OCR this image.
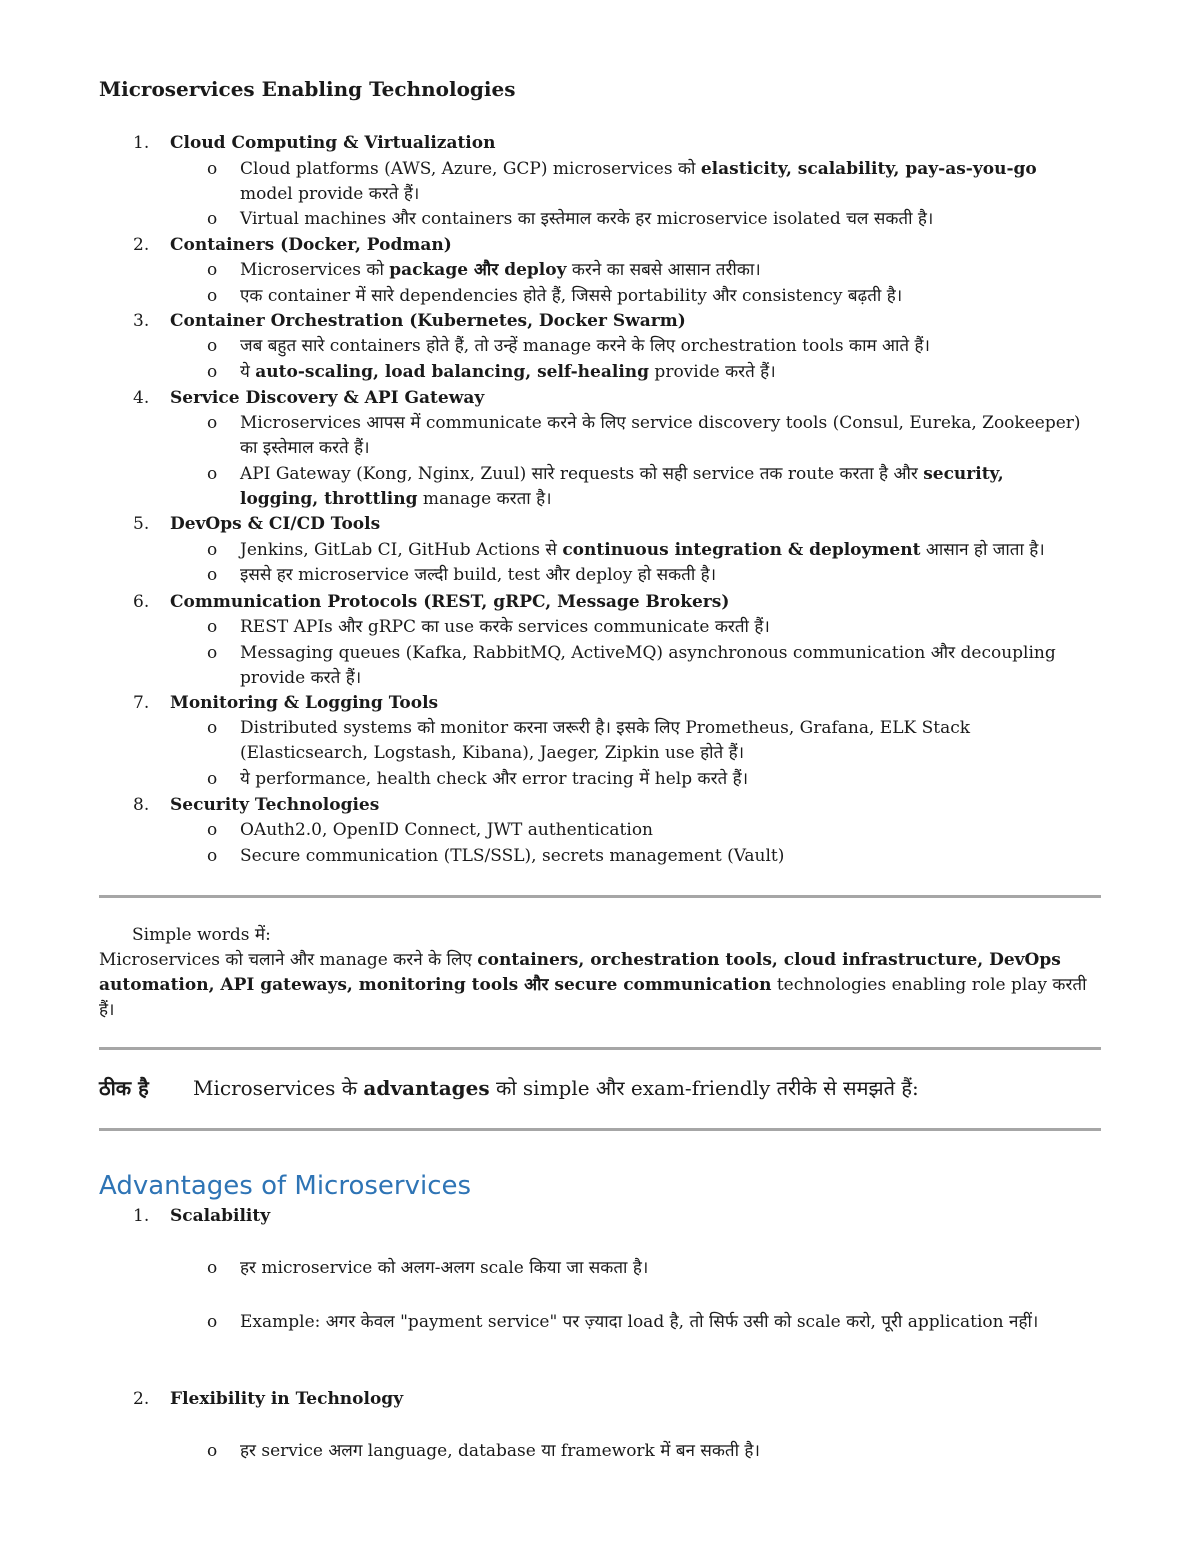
Microservices Enabling Technologies
1. Cloud Computing & Virtualization
o Cloud platforms (AWS, Azure, GCP) microservices को elasticity, scalability, pay-as-you-go model provide करते हैं।
o Virtual machines और containers का इस्तेमाल करके हर microservice isolated चल सकती है।
2. Containers (Docker, Podman)
o Microservices को package और deploy करने का सबसे आसान तरीका।
o एक container में सारे dependencies होते हैं, जिससे portability और consistency बढ़ती है।
3. Container Orchestration (Kubernetes, Docker Swarm)
o जब बहुत सारे containers होते हैं, तो उन्हें manage करने के लिए orchestration tools काम आते हैं।
o ये auto-scaling, load balancing, self-healing provide करते हैं।
4. Service Discovery & API Gateway
o Microservices आपस में communicate करने के लिए service discovery tools (Consul, Eureka, Zookeeper) का इस्तेमाल करते हैं।
o API Gateway (Kong, Nginx, Zuul) सारे requests को सही service तक route करता है और security, logging, throttling manage करता है।
5. DevOps & CI/CD Tools
o Jenkins, GitLab CI, GitHub Actions से continuous integration & deployment आसान हो जाता है।
o इससे हर microservice जल्दी build, test और deploy हो सकती है।
6. Communication Protocols (REST, gRPC, Message Brokers)
o REST APIs और gRPC का use करके services communicate करती हैं।
o Messaging queues (Kafka, RabbitMQ, ActiveMQ) asynchronous communication और decoupling provide करते हैं।
7. Monitoring & Logging Tools
o Distributed systems को monitor करना जरूरी है। इसके लिए Prometheus, Grafana, ELK Stack (Elasticsearch, Logstash, Kibana), Jaeger, Zipkin use होते हैं।
o ये performance, health check और error tracing में help करते हैं।
8. Security Technologies
o OAuth2.0, OpenID Connect, JWT authentication
o Secure communication (TLS/SSL), secrets management (Vault)
Simple words में:
Microservices को चलाने और manage करने के लिए containers, orchestration tools, cloud infrastructure, DevOps automation, API gateways, monitoring tools और secure communication technologies enabling role play करती हैं।
ठीक है Microservices के advantages को simple और exam-friendly तरीके से समझते हैं:
Advantages of Microservices
1. Scalability
o हर microservice को अलग-अलग scale किया जा सकता है।
o Example: अगर केवल "payment service" पर ज़्यादा load है, तो सिर्फ उसी को scale करो, पूरी application नहीं।
2. Flexibility in Technology
o हर service अलग language, database या framework में बन सकती है।
